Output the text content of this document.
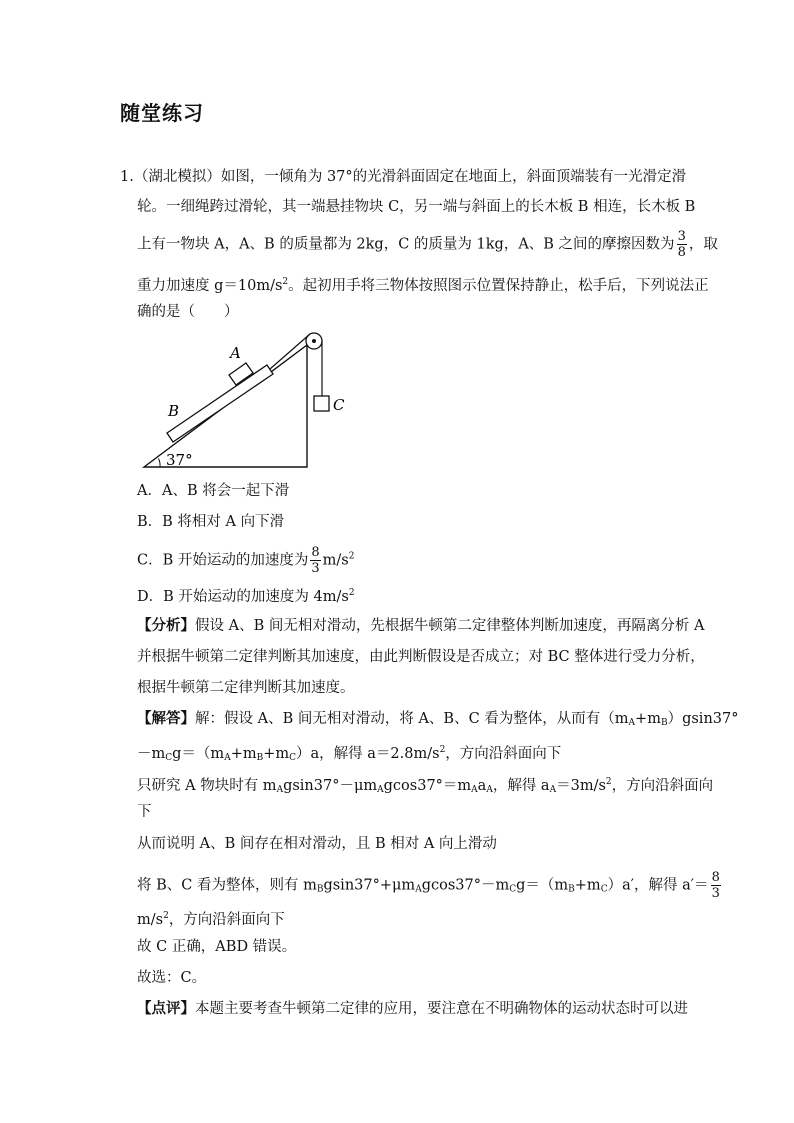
随堂练习
1.（湖北模拟）如图，一倾角为 37°的光滑斜面固定在地面上，斜面顶端装有一光滑定滑
轮。一细绳跨过滑轮，其一端悬挂物块 C，另一端与斜面上的长木板 B 相连，长木板 B
上有一物块 A，A、B 的质量都为 2kg，C 的质量为 1kg，A、B 之间的摩擦因数为 $\frac{3}{8}$ ，取
重力加速度 $g=10m/s^2$。起初用手将三物体按照图示位置保持静止，松手后，下列说法正
确的是（　　）
A
B	C
37°
A．A、B 将会一起下滑
B．B 将相对 A 向下滑
C．B 开始运动的加速度为 $\frac{8}{3} m/s^2$
D．B 开始运动的加速度为 $4m/s^2$
【分析】假设 A、B 间无相对滑动，先根据牛顿第二定律整体判断加速度，再隔离分析 A
并根据牛顿第二定律判断其加速度，由此判断假设是否成立；对 BC 整体进行受力分析，
根据牛顿第二定律判断其加速度。
【解答】解：假设 A、B 间无相对滑动，将 A、B、C 看为整体，从而有$(m_A+m_B)gsin37^\circ$
$-m_Cg=(m_A+m_B+m_C)a$，解得 $a=2.8m/s^2$，方向沿斜面向下
只研究 A 物块时有 $m_Agsin37^\circ-\mu m_Agcos37^\circ=m_Aa_A$，解得 $a_A=3m/s^2$，方向沿斜面向
下
从而说明 A、B 间存在相对滑动，且 B 相对 A 向上滑动
将 B、C 看为整体，则有 $m_Bgsin37^\circ+\mu m_Agcos37^\circ-m_Cg=(m_B+m_C)a'$，解得 $a'= \frac{8}{3}$
$m/s^2$，方向沿斜面向下
故 C 正确，ABD 错误。
故选：C。
【点评】本题主要考查牛顿第二定律的应用，要注意在不明确物体的运动状态时可以进
